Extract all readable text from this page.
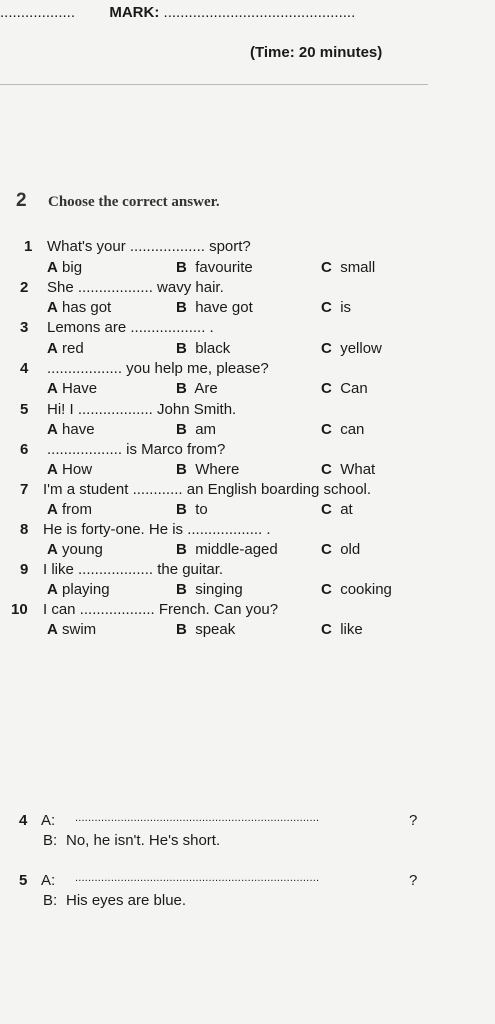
.................. MARK: ..............................................
(Time: 20 minutes)
2 Choose the correct answer.
1 What's your .................. sport?
A big	B favourite	C small
2 She .................. wavy hair.
A has got	B have got	C is
3 Lemons are .................. .
A red	B black	C yellow
4 .................. you help me, please?
A Have	B Are	C Can
5 Hi! I .................. John Smith.
A have	B am	C can
6 .................. is Marco from?
A How	B Where	C What
7 I'm a student ............ an English boarding school.
A from	B to	C at
8 He is forty-one. He is .................. .
A young	B middle-aged	C old
9 I like .................. the guitar.
A playing	B singing	C cooking
10 I can .................. French. Can you?
A swim	B speak	C like
4 A: ...........................................................................	?
B: No, he isn't. He's short.
5 A: ...........................................................................	?
B: His eyes are blue.
